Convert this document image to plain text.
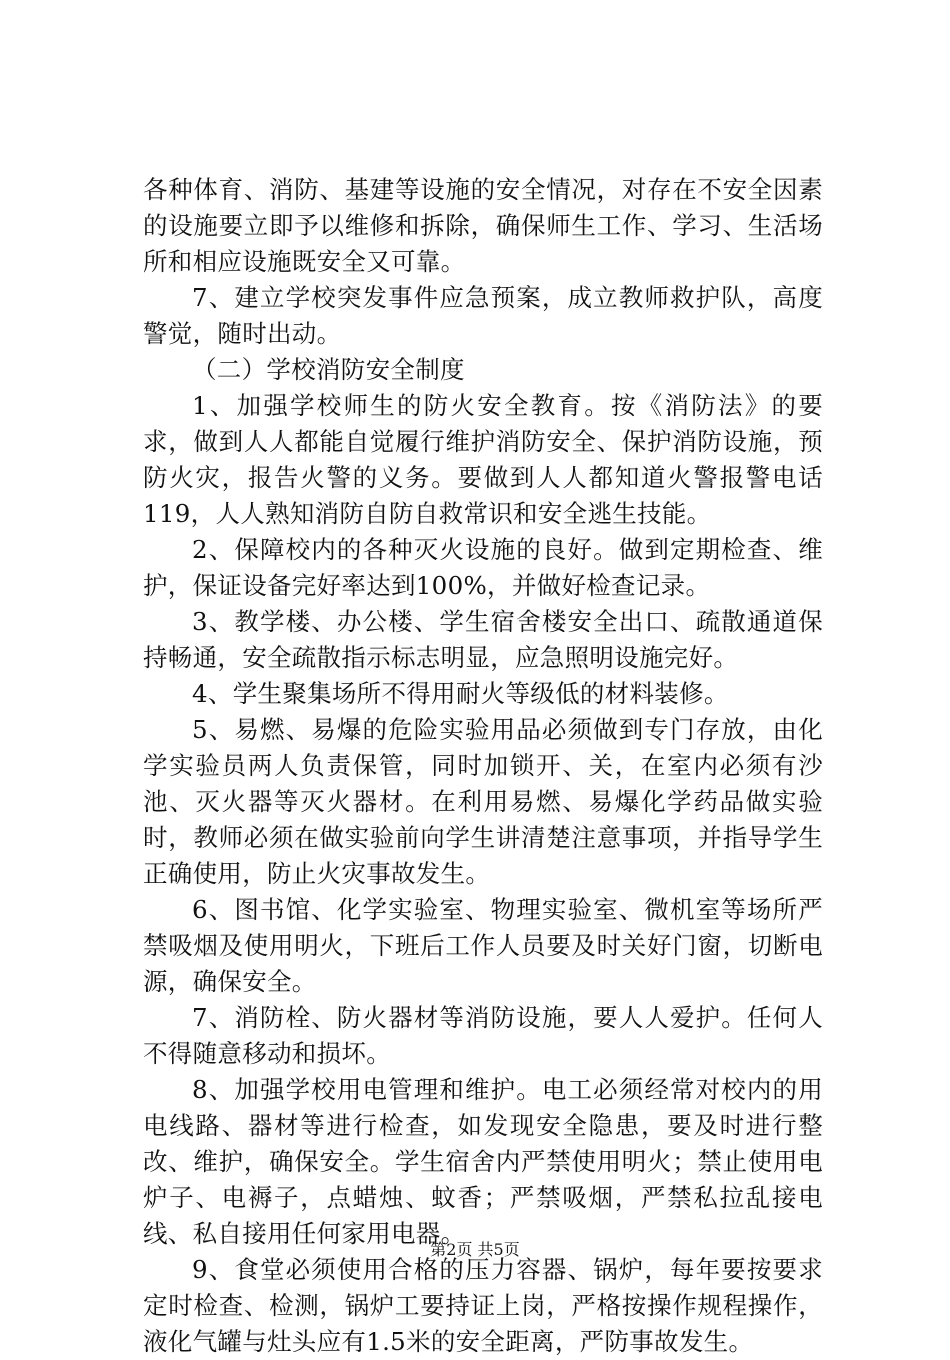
各种体育、消防、基建等设施的安全情况，对存在不安全因素的设施要立即予以维修和拆除，确保师生工作、学习、生活场所和相应设施既安全又可靠。

7、建立学校突发事件应急预案，成立教师救护队，高度警觉，随时出动。

（二）学校消防安全制度

1、加强学校师生的防火安全教育。按《消防法》的要求，做到人人都能自觉履行维护消防安全、保护消防设施，预防火灾，报告火警的义务。要做到人人都知道火警报警电话119，人人熟知消防自防自救常识和安全逃生技能。

2、保障校内的各种灭火设施的良好。做到定期检查、维护，保证设备完好率达到100%，并做好检查记录。

3、教学楼、办公楼、学生宿舍楼安全出口、疏散通道保持畅通，安全疏散指示标志明显，应急照明设施完好。

4、学生聚集场所不得用耐火等级低的材料装修。

5、易燃、易爆的危险实验用品必须做到专门存放，由化学实验员两人负责保管，同时加锁开、关，在室内必须有沙池、灭火器等灭火器材。在利用易燃、易爆化学药品做实验时，教师必须在做实验前向学生讲清楚注意事项，并指导学生正确使用，防止火灾事故发生。

6、图书馆、化学实验室、物理实验室、微机室等场所严禁吸烟及使用明火，下班后工作人员要及时关好门窗，切断电源，确保安全。

7、消防栓、防火器材等消防设施，要人人爱护。任何人不得随意移动和损坏。

8、加强学校用电管理和维护。电工必须经常对校内的用电线路、器材等进行检查，如发现安全隐患，要及时进行整改、维护，确保安全。学生宿舍内严禁使用明火；禁止使用电炉子、电褥子，点蜡烛、蚊香；严禁吸烟，严禁私拉乱接电线、私自接用任何家用电器。

9、食堂必须使用合格的压力容器、锅炉，每年要按要求定时检查、检测，锅炉工要持证上岗，严格按操作规程操作，液化气罐与灶头应有1.5米的安全距离，严防事故发生。

第2页 共5页
